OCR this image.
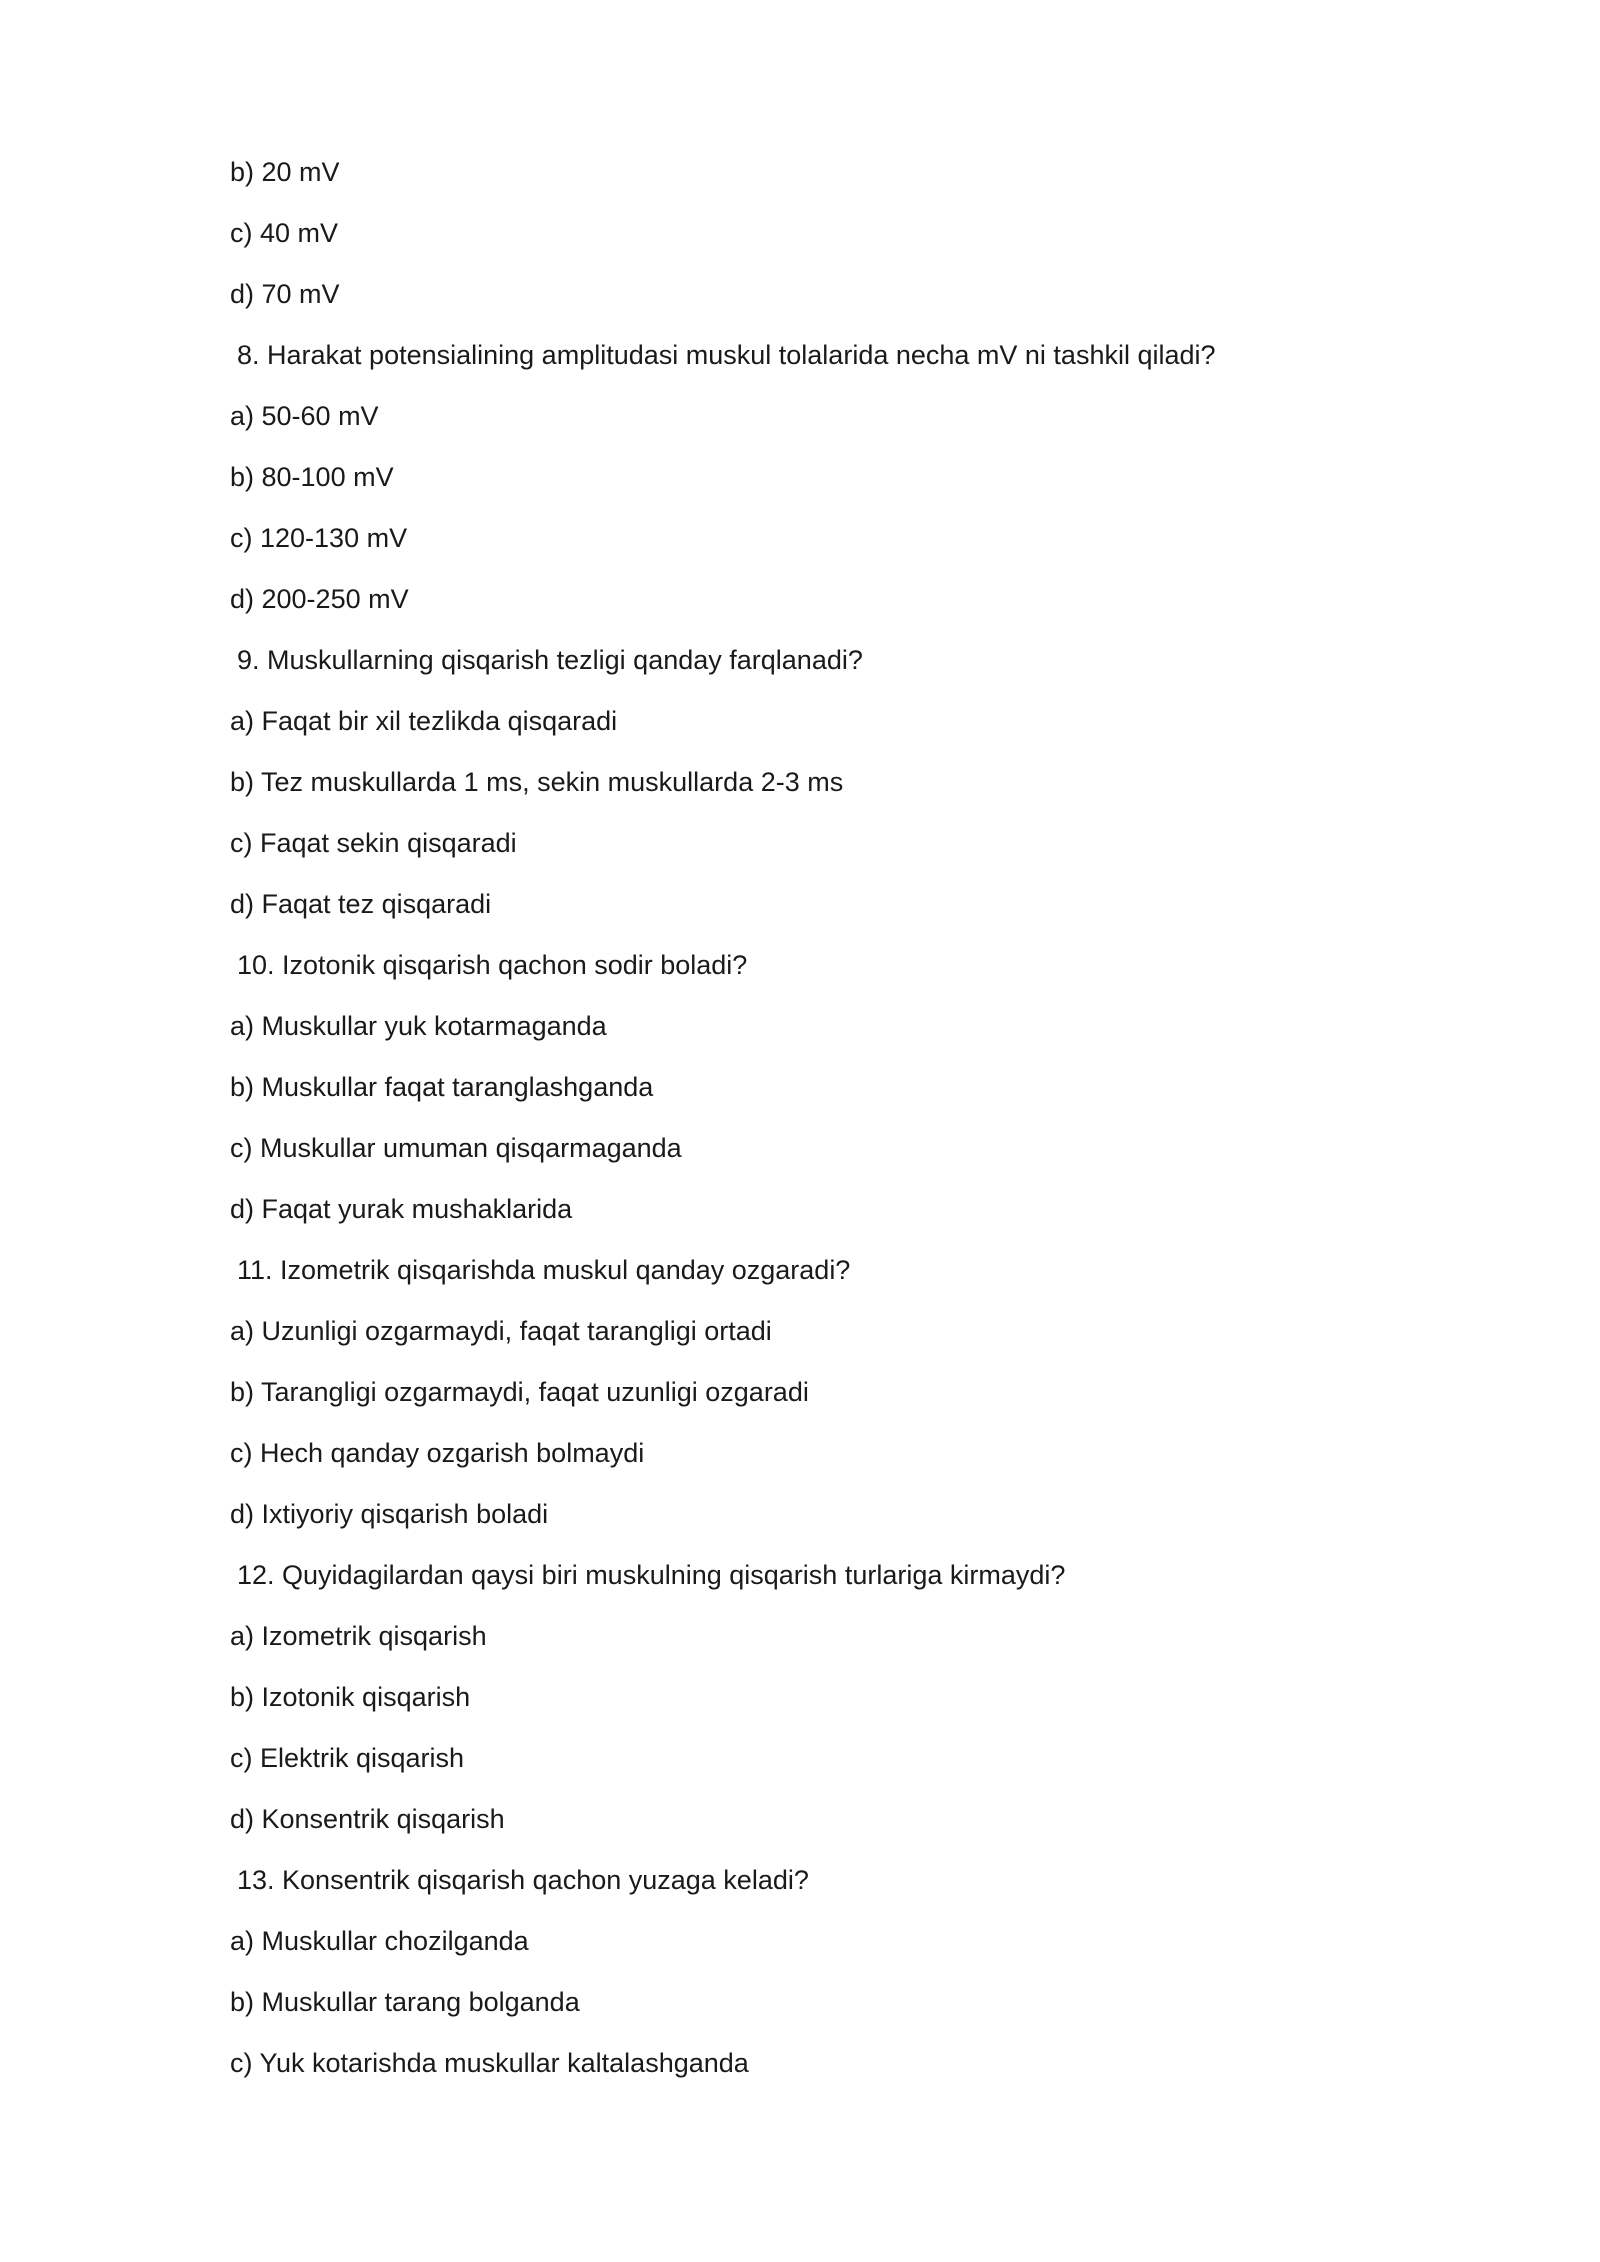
b) 20 mV
c) 40 mV
d) 70 mV
8. Harakat potensialining amplitudasi muskul tolalarida necha mV ni tashkil qiladi?
a) 50-60 mV
b) 80-100 mV
c) 120-130 mV
d) 200-250 mV
9. Muskullarning qisqarish tezligi qanday farqlanadi?
a) Faqat bir xil tezlikda qisqaradi
b) Tez muskullarda 1 ms, sekin muskullarda 2-3 ms
c) Faqat sekin qisqaradi
d) Faqat tez qisqaradi
10. Izotonik qisqarish qachon sodir boladi?
a) Muskullar yuk kotarmaganda
b) Muskullar faqat taranglashganda
c) Muskullar umuman qisqarmaganda
d) Faqat yurak mushaklarida
11. Izometrik qisqarishda muskul qanday ozgaradi?
a) Uzunligi ozgarmaydi, faqat tarangligi ortadi
b) Tarangligi ozgarmaydi, faqat uzunligi ozgaradi
c) Hech qanday ozgarish bolmaydi
d) Ixtiyoriy qisqarish boladi
12. Quyidagilardan qaysi biri muskulning qisqarish turlariga kirmaydi?
a) Izometrik qisqarish
b) Izotonik qisqarish
c) Elektrik qisqarish
d) Konsentrik qisqarish
13. Konsentrik qisqarish qachon yuzaga keladi?
a) Muskullar chozilganda
b) Muskullar tarang bolganda
c) Yuk kotarishda muskullar kaltalashganda
